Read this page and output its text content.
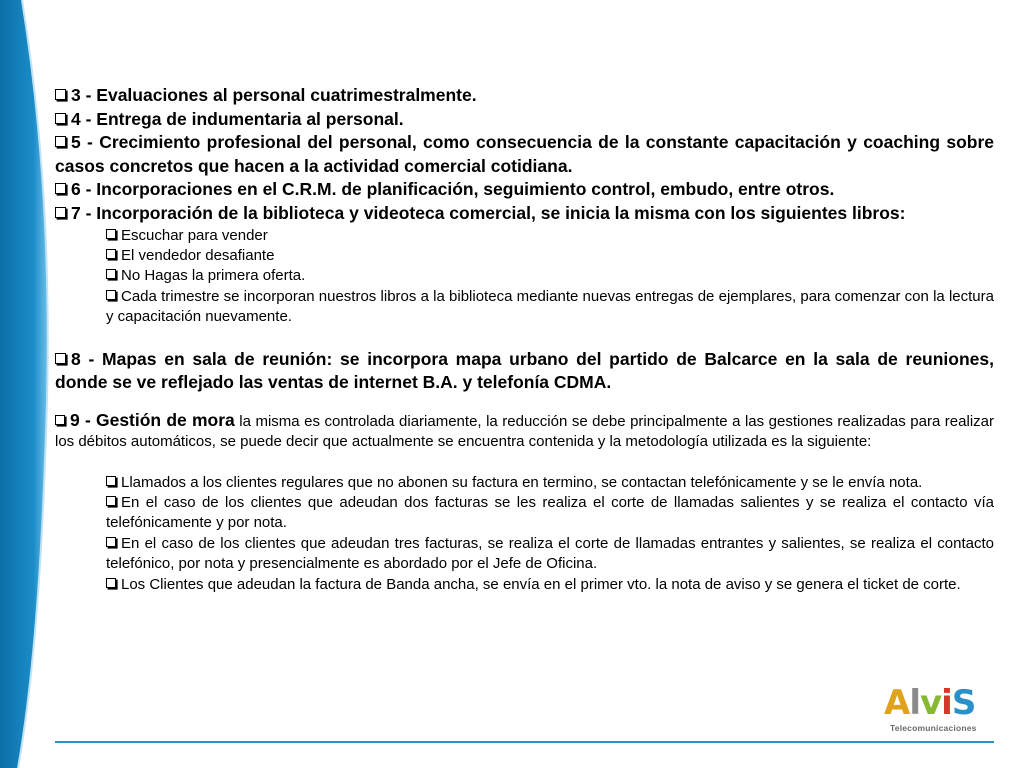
3 - Evaluaciones al personal cuatrimestralmente.

4 - Entrega de indumentaria al personal.

5 - Crecimiento profesional del personal, como consecuencia de la constante capacitación y coaching sobre casos concretos que hacen a la actividad comercial cotidiana.

6 - Incorporaciones en el C.R.M. de planificación, seguimiento control, embudo, entre otros.

7 - Incorporación de la biblioteca y videoteca comercial, se inicia la misma con los siguientes libros:

Escuchar para vender

El vendedor desafiante

No Hagas la primera oferta.

Cada trimestre se incorporan nuestros libros a la biblioteca mediante nuevas entregas de ejemplares, para comenzar con la lectura y capacitación nuevamente.

8 - Mapas en sala de reunión: se incorpora mapa urbano del partido de Balcarce en la sala de reuniones, donde se ve reflejado las ventas de internet B.A. y telefonía CDMA.

9 - Gestión de mora la misma es controlada diariamente, la reducción se debe principalmente a las gestiones realizadas para realizar los débitos automáticos, se puede decir que actualmente se encuentra contenida y la metodología utilizada es la siguiente:

Llamados a los clientes regulares que no abonen su factura en termino, se contactan telefónicamente y se le envía nota.

En el caso de los clientes que adeudan dos facturas se les realiza el corte de llamadas salientes y se realiza el contacto vía telefónicamente y por nota.

En el caso de los clientes que adeudan tres facturas, se realiza el corte de llamadas entrantes y salientes, se realiza el contacto telefónico, por nota y presencialmente es abordado por el Jefe de Oficina.

Los Clientes que adeudan la factura de Banda ancha, se envía en el primer vto. la nota de aviso y se genera el ticket de corte.

AlviS
Telecomunicaciones
